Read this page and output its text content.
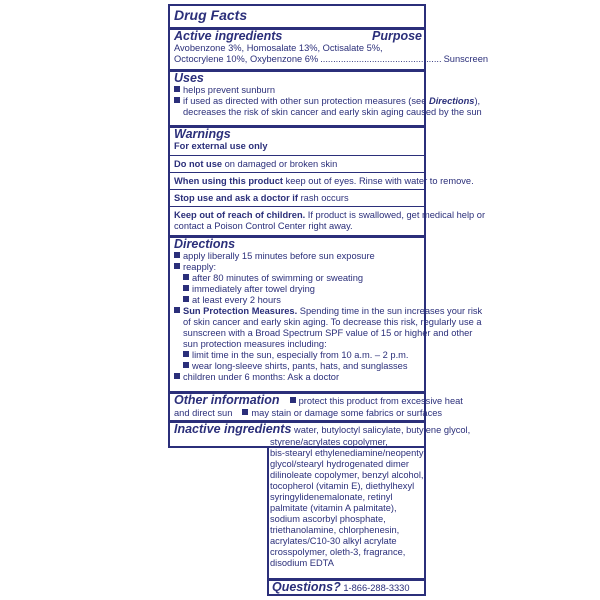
Drug Facts

Active ingredients	Purpose

Avobenzone 3%, Homosalate 13%, Octisalate 5%,

Octocrylene 10%, Oxybenzone 6% ............................................... Sunscreen

Uses

helps prevent sunburn

if used as directed with other sun protection measures (see Directions),

decreases the risk of skin cancer and early skin aging caused by the sun

Warnings

For external use only

Do not use on damaged or broken skin

When using this product keep out of eyes. Rinse with water to remove.

Stop use and ask a doctor if rash occurs

Keep out of reach of children. If product is swallowed, get medical help or

contact a Poison Control Center right away.

Directions

apply liberally 15 minutes before sun exposure

reapply:

after 80 minutes of swimming or sweating

immediately after towel drying

at least every 2 hours

Sun Protection Measures. Spending time in the sun increases your risk

of skin cancer and early skin aging. To decrease this risk, regularly use a

sunscreen with a Broad Spectrum SPF value of 15 or higher and other

sun protection measures including:

limit time in the sun, especially from 10 a.m. – 2 p.m.

wear long-sleeve shirts, pants, hats, and sunglasses

children under 6 months: Ask a doctor

Other information protect this product from excessive heat

and direct sun may stain or damage some fabrics or surfaces

Inactive ingredients water, butyloctyl salicylate, butylene glycol,

styrene/acrylates copolymer,

bis-stearyl ethylenediamine/neopentyl

glycol/stearyl hydrogenated dimer

dilinoleate copolymer, benzyl alcohol,

tocopherol (vitamin E), diethylhexyl

syringylidenemalonate, retinyl

palmitate (vitamin A palmitate),

sodium ascorbyl phosphate,

triethanolamine, chlorphenesin,

acrylates/C10-30 alkyl acrylate

crosspolymer, oleth-3, fragrance,

disodium EDTA

Questions? 1-866-288-3330
